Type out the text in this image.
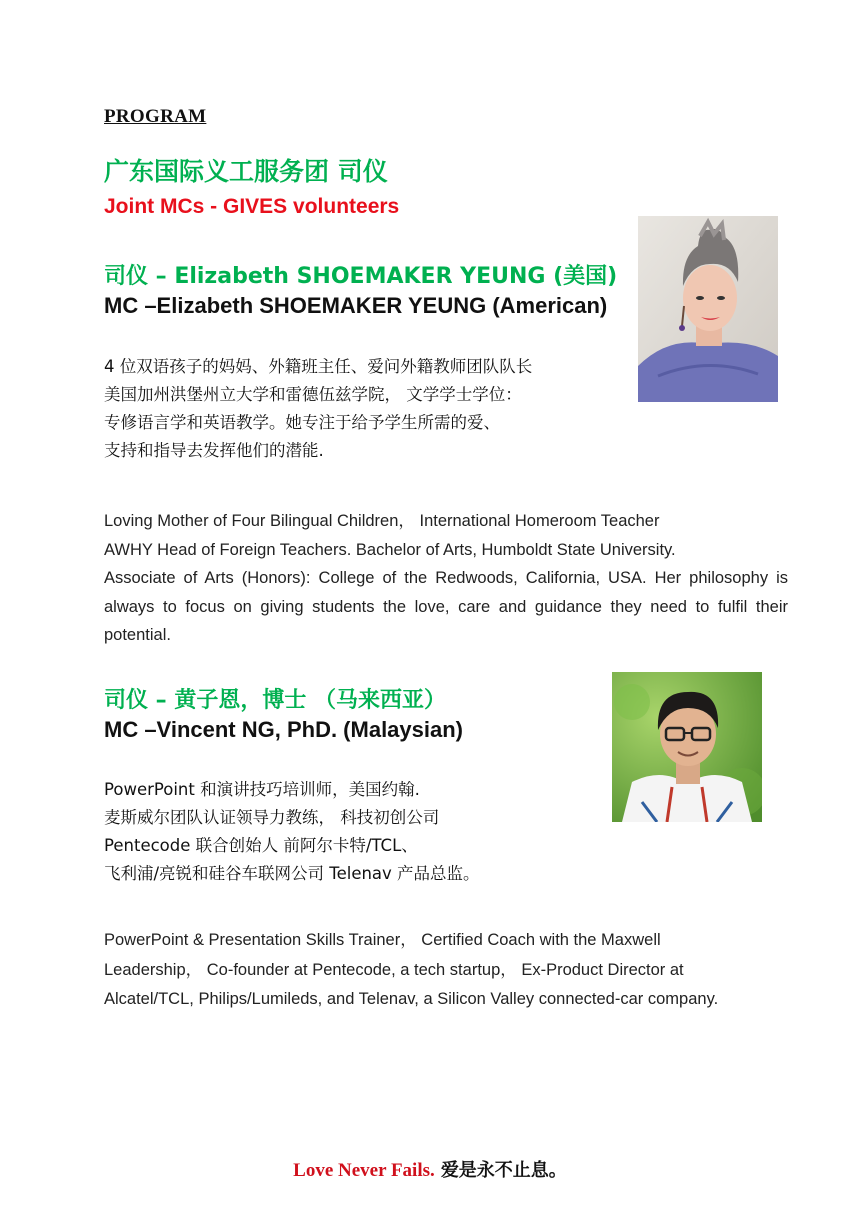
PROGRAM
广东国际义工服务团 司仪
Joint MCs - GIVES volunteers
司仪 – Elizabeth SHOEMAKER YEUNG (美国)
MC –Elizabeth SHOEMAKER YEUNG (American)
4 位双语孩子的妈妈、外籍班主任、爱问外籍教师团队队长
美国加州洪堡州立大学和雷德伍兹学院， 文学学士学位：
专修语言学和英语教学。她专注于给予学生所需的爱、
支持和指导去发挥他们的潜能.
Loving Mother of Four Bilingual Children， International Homeroom Teacher
AWHY Head of Foreign Teachers. Bachelor of Arts, Humboldt State University.
Associate of Arts (Honors): College of the Redwoods, California, USA. Her philosophy is always to focus on giving students the love, care and guidance they need to fulfil their potential.
司仪 – 黄子恩，博士 （马来西亚）
MC –Vincent NG, PhD. (Malaysian)
PowerPoint 和演讲技巧培训师，美国约翰.
麦斯威尔团队认证领导力教练， 科技初创公司
Pentecode 联合创始人 前阿尔卡特/TCL、
飞利浦/亮锐和硅谷车联网公司 Telenav 产品总监。
PowerPoint & Presentation Skills Trainer， Certified Coach with the Maxwell
Leadership， Co-founder at Pentecode, a tech startup， Ex-Product Director at
Alcatel/TCL, Philips/Lumileds, and Telenav, a Silicon Valley connected-car company.
Love Never Fails. 爱是永不止息。
